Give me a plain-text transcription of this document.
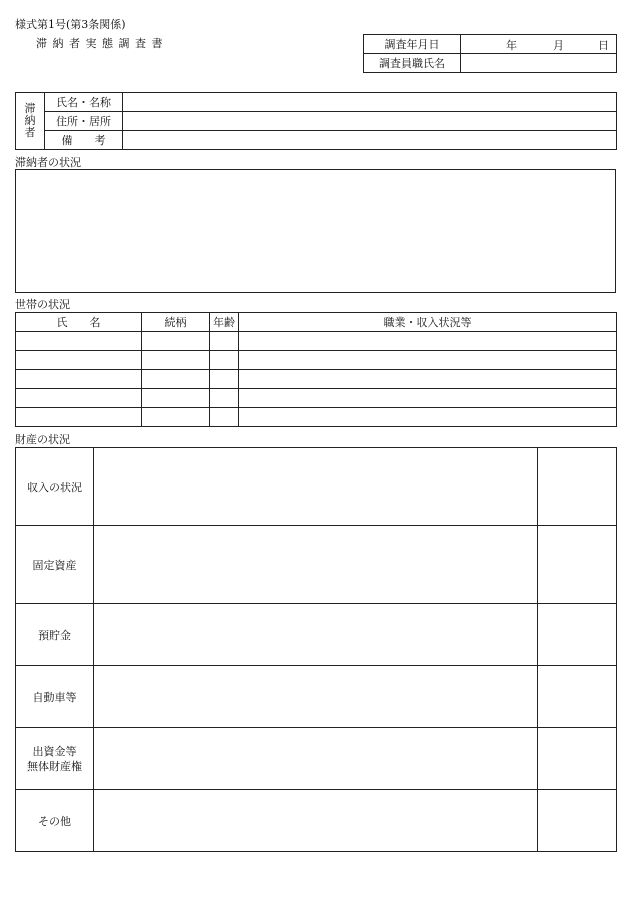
様式第1号(第3条関係)
滞 納 者 実 態 調 査 書	調査年月日	年 月 日

調査員職氏名	
滞
納
者	氏名・名称	
	住所・居所	
	備　　考	
滞納者の状況
世帯の状況
氏　　名	続柄	年齢	職業・収入状況等

財産の状況
収入の状況		
固定資産		
預貯金		
自動車等		
出資金等
無体財産権		
その他		
